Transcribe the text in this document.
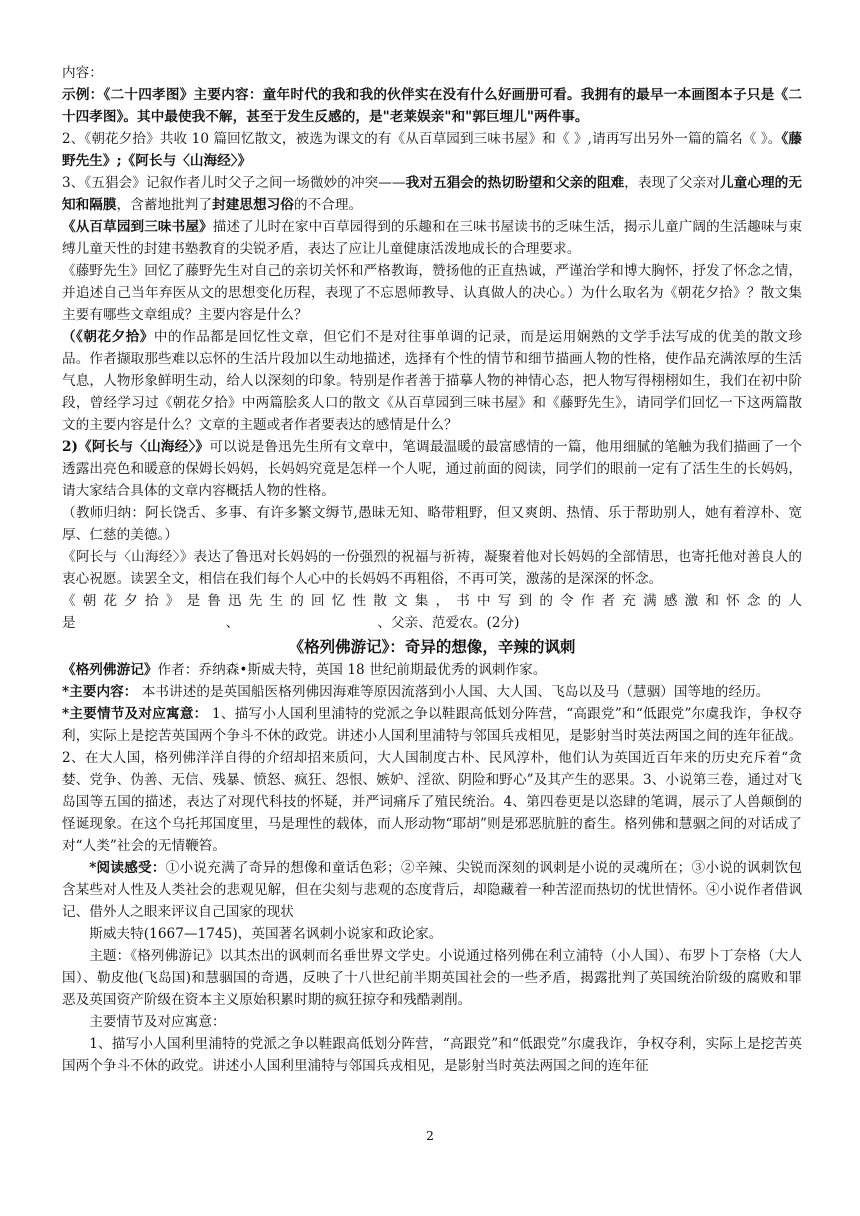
内容：

示例：《二十四孝图》主要内容：童年时代的我和我的伙伴实在没有什么好画册可看。我拥有的最早一本画图本子只是《二十四孝图》。其中最使我不解，甚至于发生反感的，是"老莱娱亲"和"郭巨埋儿"两件事。

2、《朝花夕拾》共收 10 篇回忆散文，被选为课文的有《从百草园到三味书屋》和《 》,请再写出另外一篇的篇名《 》。《藤野先生》;《阿长与〈山海经〉》

3、《五猖会》记叙作者儿时父子之间一场微妙的冲突——我对五猖会的热切盼望和父亲的阻难，表现了父亲对儿童心理的无知和隔膜，含蓄地批判了封建思想习俗的不合理。

《从百草园到三味书屋》描述了儿时在家中百草园得到的乐趣和在三味书屋读书的乏味生活，揭示儿童广阔的生活趣味与束缚儿童天性的封建书塾教育的尖锐矛盾，表达了应让儿童健康活泼地成长的合理要求。

《藤野先生》回忆了藤野先生对自己的亲切关怀和严格教诲，赞扬他的正直热诚，严谨治学和博大胸怀，抒发了怀念之情，并追述自己当年弃医从文的思想变化历程，表现了不忘恩师教导、认真做人的决心。）为什么取名为《朝花夕拾》？散文集主要有哪些文章组成？主要内容是什么？

（《朝花夕拾》中的作品都是回忆性文章，但它们不是对往事单调的记录，而是运用娴熟的文学手法写成的优美的散文珍品。作者撷取那些难以忘怀的生活片段加以生动地描述，选择有个性的情节和细节描画人物的性格，使作品充满浓厚的生活气息，人物形象鲜明生动，给人以深刻的印象。特别是作者善于描摹人物的神情心态，把人物写得栩栩如生，我们在初中阶段，曾经学习过《朝花夕拾》中两篇脍炙人口的散文《从百草园到三味书屋》和《藤野先生》，请同学们回忆一下这两篇散文的主要内容是什么？文章的主题或者作者要表达的感情是什么？

2)《阿长与〈山海经〉》可以说是鲁迅先生所有文章中，笔调最温暖的最富感情的一篇，他用细腻的笔触为我们描画了一个透露出亮色和暖意的保姆长妈妈，长妈妈究竟是怎样一个人呢，通过前面的阅读，同学们的眼前一定有了活生生的长妈妈，请大家结合具体的文章内容概括人物的性格。

（教师归纳：阿长饶舌、多事、有许多繁文缛节,愚昧无知、略带粗野，但又爽朗、热情、乐于帮助别人，她有着淳朴、宽厚、仁慈的美德。）

《阿长与〈山海经〉》表达了鲁迅对长妈妈的一份强烈的祝福与祈祷，凝聚着他对长妈妈的全部情思，也寄托他对善良人的衷心祝愿。读罢全文，相信在我们每个人心中的长妈妈不再粗俗，不再可笑，激荡的是深深的怀念。

《朝花夕拾》是鲁迅先生的回忆性散文集，书中写到的令作者充满感激和怀念的人

是	、	、父亲、范爱农。(2分)

《格列佛游记》：奇异的想像，辛辣的讽刺

《格列佛游记》作者：乔纳森•斯威夫特，英国 18 世纪前期最优秀的讽刺作家。

*主要内容： 本书讲述的是英国船医格列佛因海难等原因流落到小人国、大人国、飞岛以及马（慧骃）国等地的经历。

*主要情节及对应寓意： 1、描写小人国利里浦特的党派之争以鞋跟高低划分阵营，“高跟党”和“低跟党”尔虞我诈，争权夺利，实际上是挖苦英国两个争斗不休的政党。讲述小人国利里浦特与邻国兵戎相见，是影射当时英法两国之间的连年征战。2、在大人国，格列佛洋洋自得的介绍却招来质问，大人国制度古朴、民风淳朴，他们认为英国近百年来的历史充斥着“贪婪、党争、伪善、无信、残暴、愤怒、疯狂、怨恨、嫉妒、淫欲、阴险和野心”及其产生的恶果。3、小说第三卷，通过对飞岛国等五国的描述，表达了对现代科技的怀疑，并严词痛斥了殖民统治。4、第四卷更是以恣肆的笔调，展示了人兽颠倒的怪诞现象。在这个乌托邦国度里，马是理性的载体，而人形动物“耶胡”则是邪恶肮脏的畜生。格列佛和慧骃之间的对话成了对“人类”社会的无情鞭笞。

*阅读感受：①小说充满了奇异的想像和童话色彩；②辛辣、尖锐而深刻的讽刺是小说的灵魂所在；③小说的讽刺饮包含某些对人性及人类社会的悲观见解，但在尖刻与悲观的态度背后，却隐藏着一种苦涩而热切的忧世情怀。④小说作者借讽记、借外人之眼来评议自己国家的现状

斯威夫特(1667—1745)，英国著名讽刺小说家和政论家。

主题：《格列佛游记》以其杰出的讽刺而名垂世界文学史。小说通过格列佛在利立浦特（小人国）、布罗卜丁奈格（大人国）、勒皮他(飞岛国)和慧骃国的奇遇，反映了十八世纪前半期英国社会的一些矛盾，揭露批判了英国统治阶级的腐败和罪恶及英国资产阶级在资本主义原始积累时期的疯狂掠夺和残酷剥削。

主要情节及对应寓意：

1、描写小人国利里浦特的党派之争以鞋跟高低划分阵营，“高跟党”和“低跟党”尔虞我诈，争权夺利，实际上是挖苦英国两个争斗不休的政党。讲述小人国利里浦特与邻国兵戎相见，是影射当时英法两国之间的连年征

2
